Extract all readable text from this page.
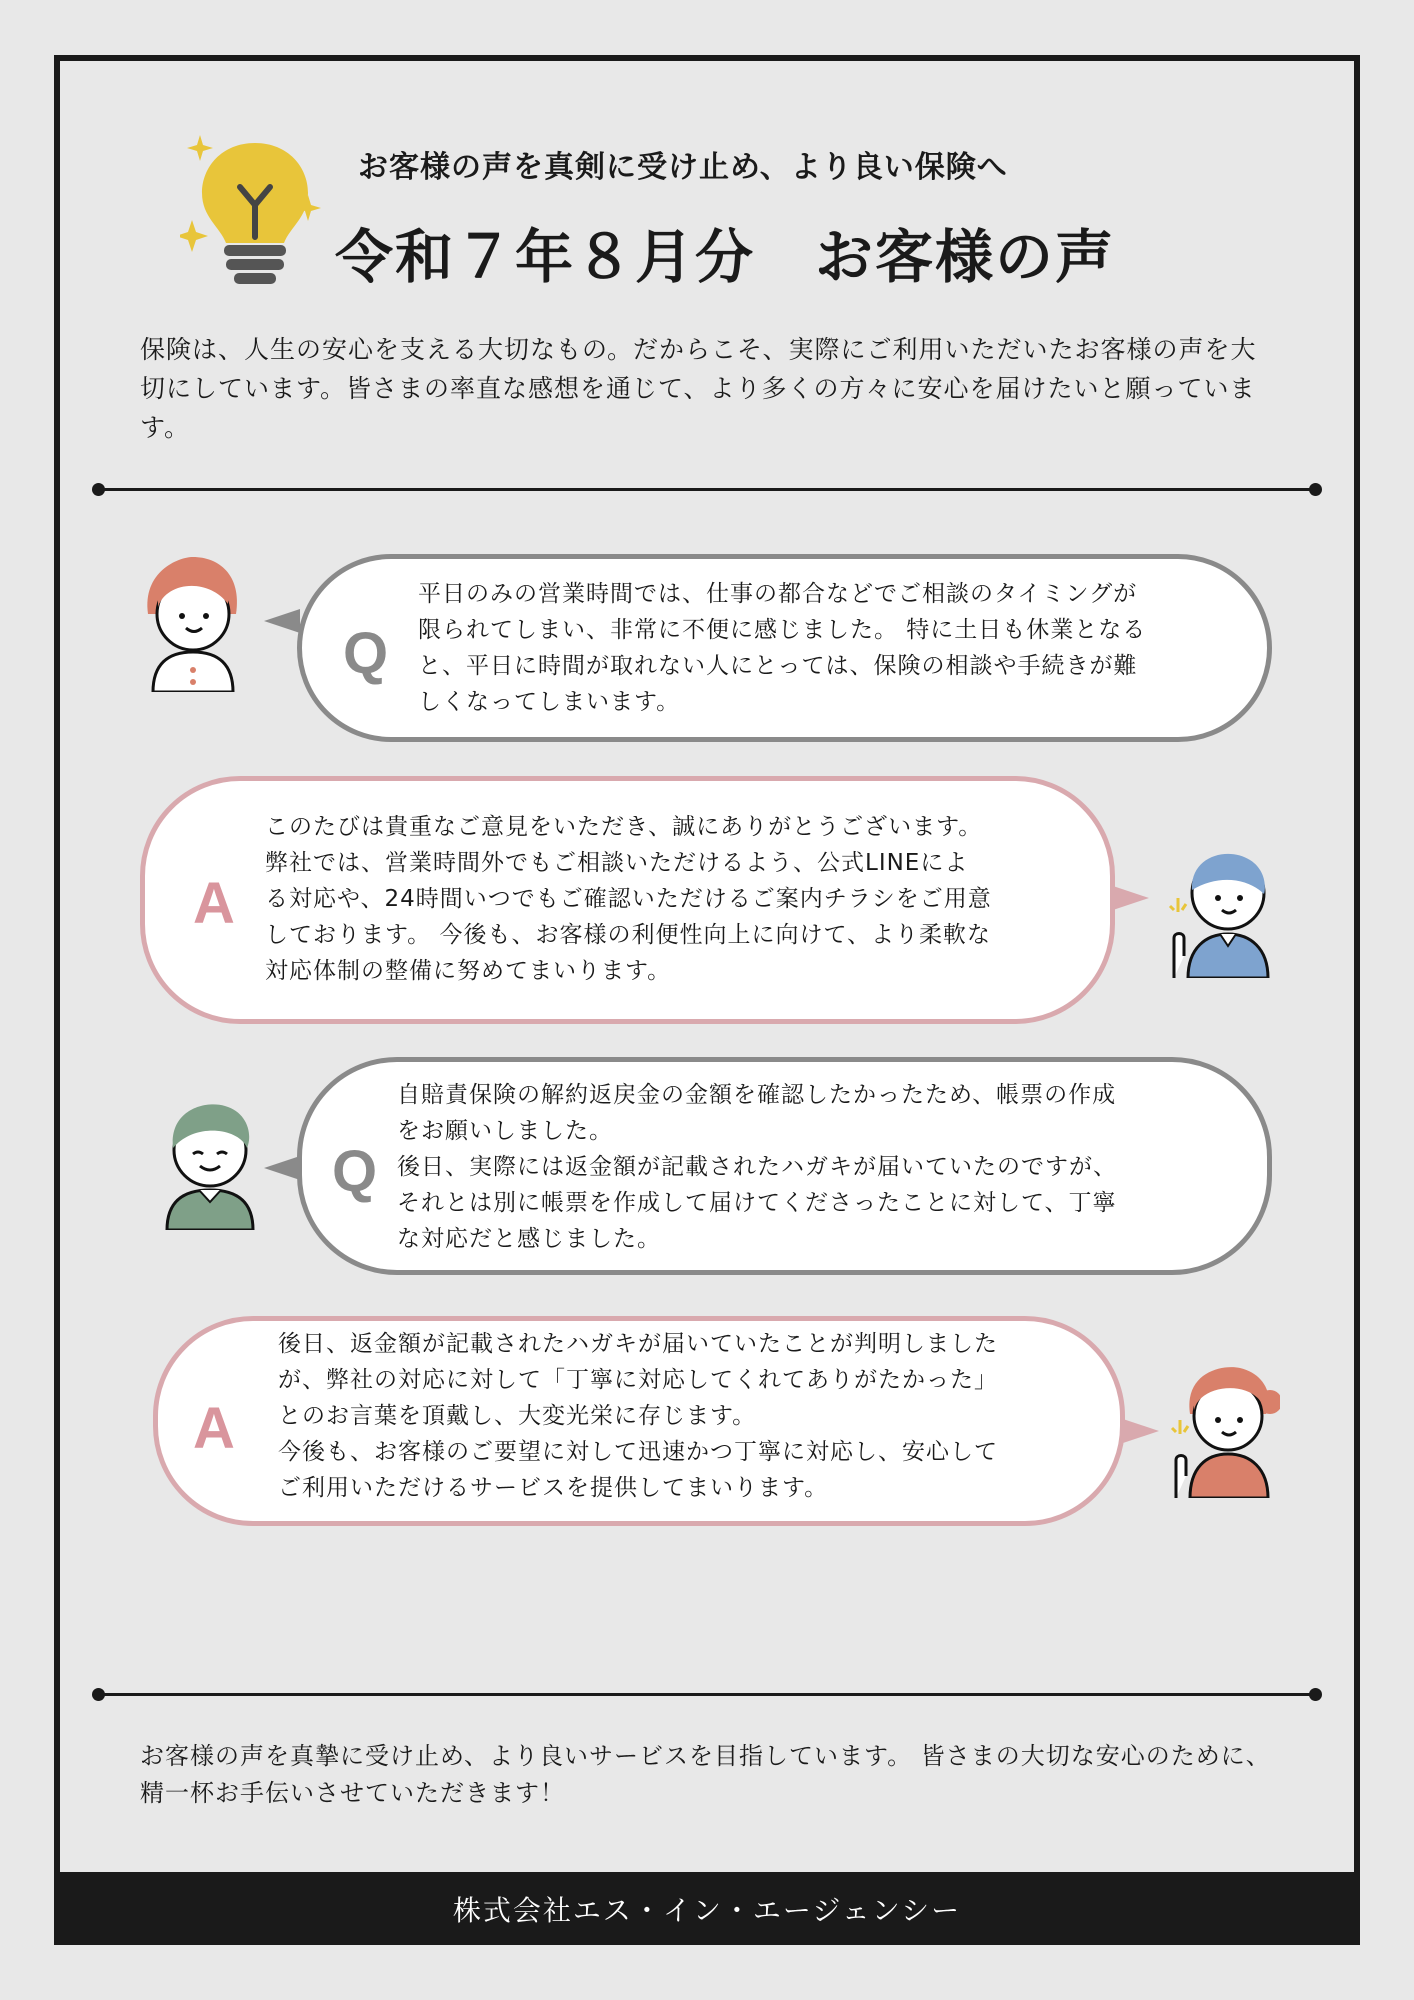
お客様の声を真剣に受け止め、より良い保険へ
令和７年８月分　お客様の声
保険は、人生の安心を支える大切なもの。だからこそ、実際にご利用いただいたお客様の声を大切にしています。皆さまの率直な感想を通じて、より多くの方々に安心を届けたいと願っています。
Q
平日のみの営業時間では、仕事の都合などでご相談のタイミングが
限られてしまい、非常に不便に感じました。 特に土日も休業となる
と、平日に時間が取れない人にとっては、保険の相談や手続きが難
しくなってしまいます。
A
このたびは貴重なご意見をいただき、誠にありがとうございます。
弊社では、営業時間外でもご相談いただけるよう、公式LINEによ
る対応や、24時間いつでもご確認いただけるご案内チラシをご用意
しております。 今後も、お客様の利便性向上に向けて、より柔軟な
対応体制の整備に努めてまいります。
Q
自賠責保険の解約返戻金の金額を確認したかったため、帳票の作成
をお願いしました。
後日、実際には返金額が記載されたハガキが届いていたのですが、
それとは別に帳票を作成して届けてくださったことに対して、丁寧
な対応だと感じました。
A
後日、返金額が記載されたハガキが届いていたことが判明しました
が、弊社の対応に対して「丁寧に対応してくれてありがたかった」
とのお言葉を頂戴し、大変光栄に存じます。
今後も、お客様のご要望に対して迅速かつ丁寧に対応し、安心して
ご利用いただけるサービスを提供してまいります。
お客様の声を真摯に受け止め、より良いサービスを目指しています。 皆さまの大切な安心のために、精一杯お手伝いさせていただきます！
株式会社エス・イン・エージェンシー
